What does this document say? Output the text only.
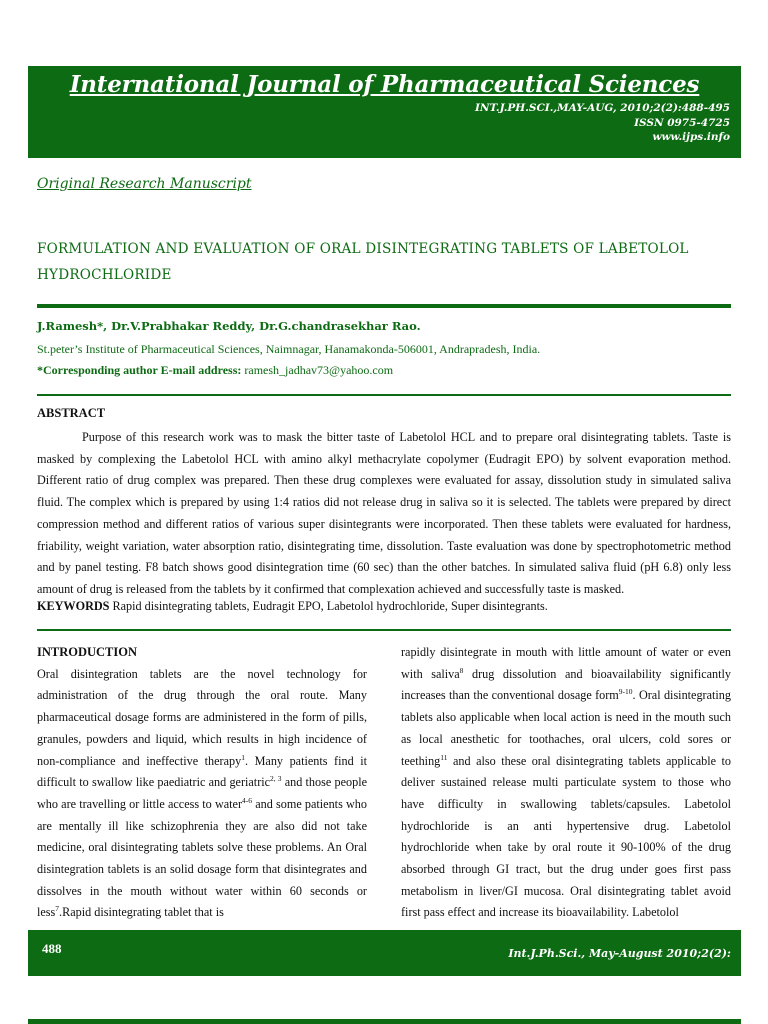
International Journal of Pharmaceutical Sciences
INT.J.PH.SCI.,MAY-AUG, 2010;2(2):488-495
ISSN 0975-4725
www.ijps.info
Original Research Manuscript
FORMULATION AND EVALUATION OF ORAL DISINTEGRATING TABLETS OF LABETOLOL HYDROCHLORIDE
J.Ramesh*, Dr.V.Prabhakar Reddy, Dr.G.chandrasekhar Rao.
St.peter’s Institute of Pharmaceutical Sciences, Naimnagar, Hanamakonda-506001, Andrapradesh, India.
*Corresponding author E-mail address: ramesh_jadhav73@yahoo.com
ABSTRACT
Purpose of this research work was to mask the bitter taste of Labetolol HCL and to prepare oral disintegrating tablets. Taste is masked by complexing the Labetolol HCL with amino alkyl methacrylate copolymer (Eudragit EPO) by solvent evaporation method. Different ratio of drug complex was prepared. Then these drug complexes were evaluated for assay, dissolution study in simulated saliva fluid. The complex which is prepared by using 1:4 ratios did not release drug in saliva so it is selected. The tablets were prepared by direct compression method and different ratios of various super disintegrants were incorporated. Then these tablets were evaluated for hardness, friability, weight variation, water absorption ratio, disintegrating time, dissolution. Taste evaluation was done by spectrophotometric method and by panel testing. F8 batch shows good disintegration time (60 sec) than the other batches. In simulated saliva fluid (pH 6.8) only less amount of drug is released from the tablets by it confirmed that complexation achieved and successfully taste is masked.
KEYWORDS Rapid disintegrating tablets, Eudragit EPO, Labetolol hydrochloride, Super disintegrants.
INTRODUCTION

Oral disintegration tablets are the novel technology for administration of the drug through the oral route. Many pharmaceutical dosage forms are administered in the form of pills, granules, powders and liquid, which results in high incidence of non-compliance and ineffective therapy$^1$. Many patients find it difficult to swallow like paediatric and geriatric$^{2, 3}$ and those people who are travelling or little access to water$^{4-6}$ and some patients who are mentally ill like schizophrenia they are also did not take medicine, oral disintegrating tablets solve these problems. An Oral disintegration tablets is an solid dosage form that disintegrates and dissolves in the mouth without water within 60 seconds or less$^7$.Rapid disintegrating tablet that is

rapidly disintegrate in mouth with little amount of water or even with saliva$^8$ drug dissolution and bioavailability significantly increases than the conventional dosage form$^{9-10}$. Oral disintegrating tablets also applicable when local action is need in the mouth such as local anesthetic for toothaches, oral ulcers, cold sores or teething$^{11}$ and also these oral disintegrating tablets applicable to deliver sustained release multi particulate system to those who have difficulty in swallowing tablets/capsules. Labetolol hydrochloride is an anti hypertensive drug. Labetolol hydrochloride when take by oral route it 90-100% of the drug absorbed through GI tract, but the drug under goes first pass metabolism in liver/GI mucosa. Oral disintegrating tablet avoid first pass effect and increase its bioavailability. Labetolol

488	Int.J.Ph.Sci., May-August 2010;2(2):
